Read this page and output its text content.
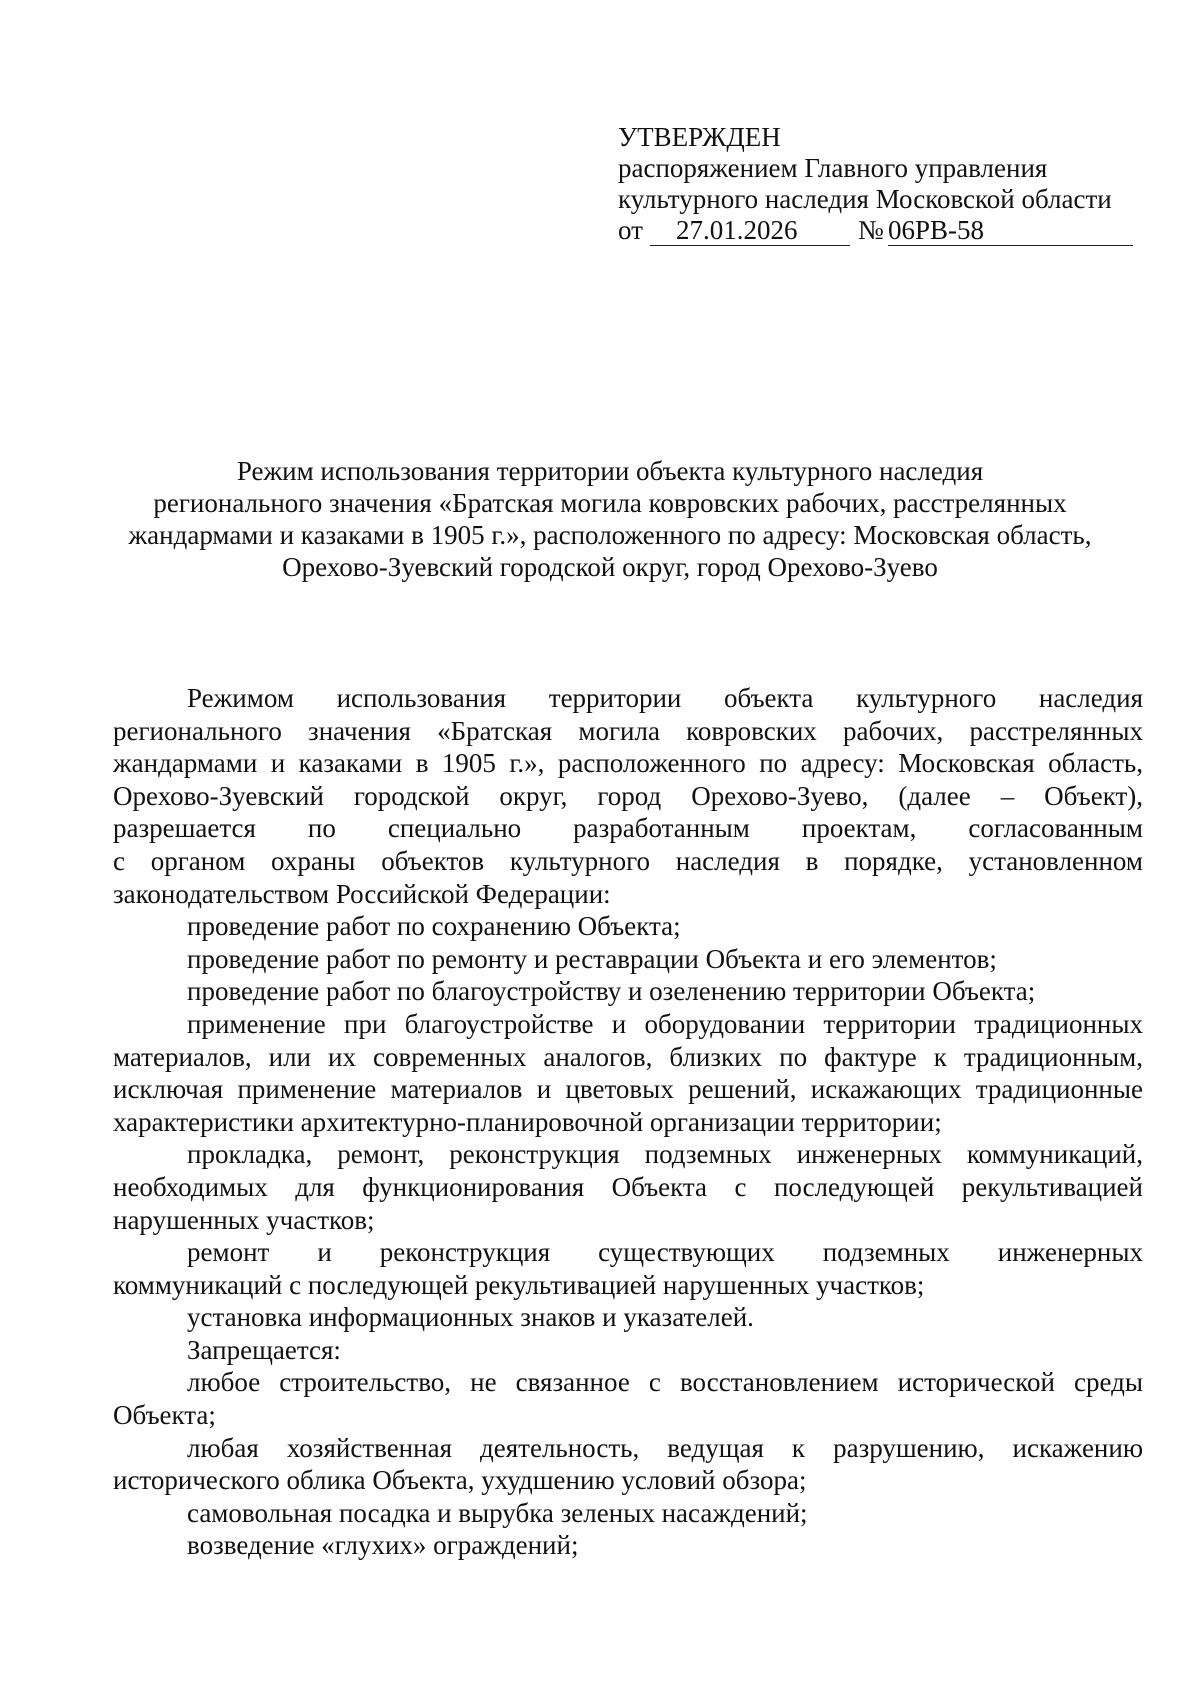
УТВЕРЖДЕН
распоряжением Главного управления
культурного наследия Московской области
от	27.01.2026	№ 06РВ-58
Режим использования территории объекта культурного наследия
регионального значения «Братская могила ковровских рабочих, расстрелянных
жандармами и казаками в 1905 г.», расположенного по адресу: Московская область,
Орехово-Зуевский городской округ, город Орехово-Зуево
Режимом использования территории объекта культурного наследия
регионального значения «Братская могила ковровских рабочих, расстрелянных
жандармами и казаками в 1905 г.», расположенного по адресу: Московская область,
Орехово-Зуевский городской округ, город Орехово-Зуево, (далее – Объект),
разрешается по специально разработанным проектам, согласованным
с органом охраны объектов культурного наследия в порядке, установленном
законодательством Российской Федерации:
проведение работ по сохранению Объекта;
проведение работ по ремонту и реставрации Объекта и его элементов;
проведение работ по благоустройству и озеленению территории Объекта;
применение при благоустройстве и оборудовании территории традиционных
материалов, или их современных аналогов, близких по фактуре к традиционным,
исключая применение материалов и цветовых решений, искажающих традиционные
характеристики архитектурно-планировочной организации территории;
прокладка, ремонт, реконструкция подземных инженерных коммуникаций,
необходимых для функционирования Объекта с последующей рекультивацией
нарушенных участков;
ремонт и реконструкция существующих подземных инженерных
коммуникаций с последующей рекультивацией нарушенных участков;
установка информационных знаков и указателей.
Запрещается:
любое строительство, не связанное с восстановлением исторической среды
Объекта;
любая хозяйственная деятельность, ведущая к разрушению, искажению
исторического облика Объекта, ухудшению условий обзора;
самовольная посадка и вырубка зеленых насаждений;
возведение «глухих» ограждений;
